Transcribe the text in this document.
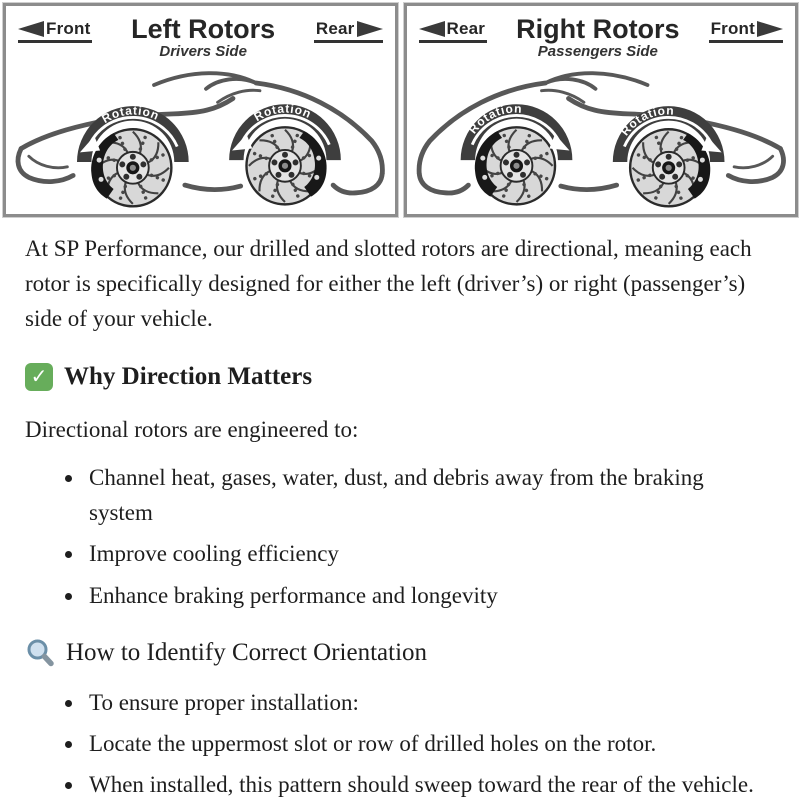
Front	Left Rotors
Drivers Side
Rear	Rear	Right Rotors
Passengers Side
Front

At SP Performance, our drilled and slotted rotors are directional, meaning each rotor is specifically designed for either the left (driver’s) or right (passenger’s) side of your vehicle.

✓ Why Direction Matters

Directional rotors are engineered to:

• Channel heat, gases, water, dust, and debris away from the braking system
• Improve cooling efficiency
• Enhance braking performance and longevity
How to Identify Correct Orientation
• To ensure proper installation:
• Locate the uppermost slot or row of drilled holes on the rotor.
• When installed, this pattern should sweep toward the rear of the vehicle.
